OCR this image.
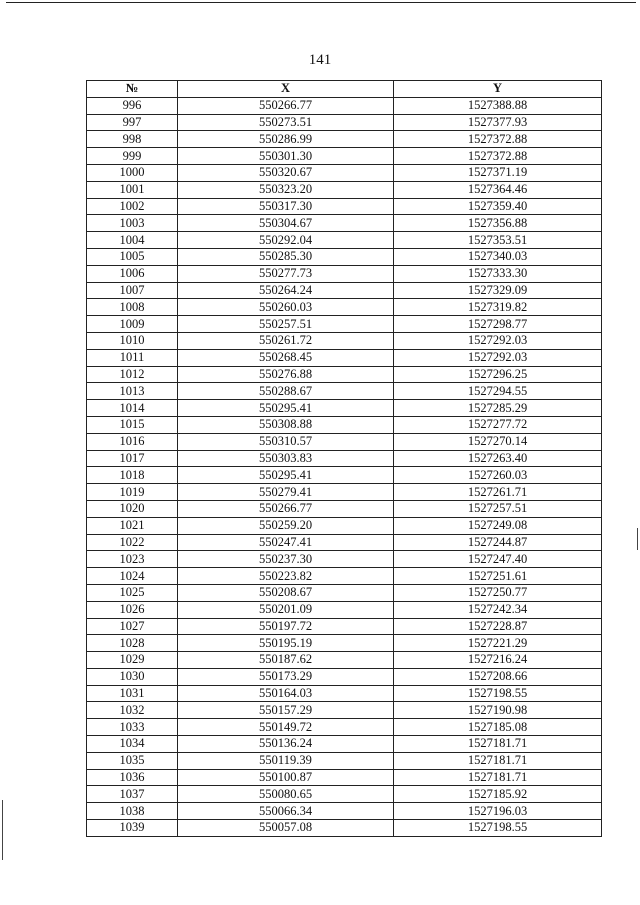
141
№	X	Y
996	550266.77	1527388.88
997	550273.51	1527377.93
998	550286.99	1527372.88
999	550301.30	1527372.88
1000	550320.67	1527371.19
1001	550323.20	1527364.46
1002	550317.30	1527359.40
1003	550304.67	1527356.88
1004	550292.04	1527353.51
1005	550285.30	1527340.03
1006	550277.73	1527333.30
1007	550264.24	1527329.09
1008	550260.03	1527319.82
1009	550257.51	1527298.77
1010	550261.72	1527292.03
1011	550268.45	1527292.03
1012	550276.88	1527296.25
1013	550288.67	1527294.55
1014	550295.41	1527285.29
1015	550308.88	1527277.72
1016	550310.57	1527270.14
1017	550303.83	1527263.40
1018	550295.41	1527260.03
1019	550279.41	1527261.71
1020	550266.77	1527257.51
1021	550259.20	1527249.08
1022	550247.41	1527244.87
1023	550237.30	1527247.40
1024	550223.82	1527251.61
1025	550208.67	1527250.77
1026	550201.09	1527242.34
1027	550197.72	1527228.87
1028	550195.19	1527221.29
1029	550187.62	1527216.24
1030	550173.29	1527208.66
1031	550164.03	1527198.55
1032	550157.29	1527190.98
1033	550149.72	1527185.08
1034	550136.24	1527181.71
1035	550119.39	1527181.71
1036	550100.87	1527181.71
1037	550080.65	1527185.92
1038	550066.34	1527196.03
1039	550057.08	1527198.55
